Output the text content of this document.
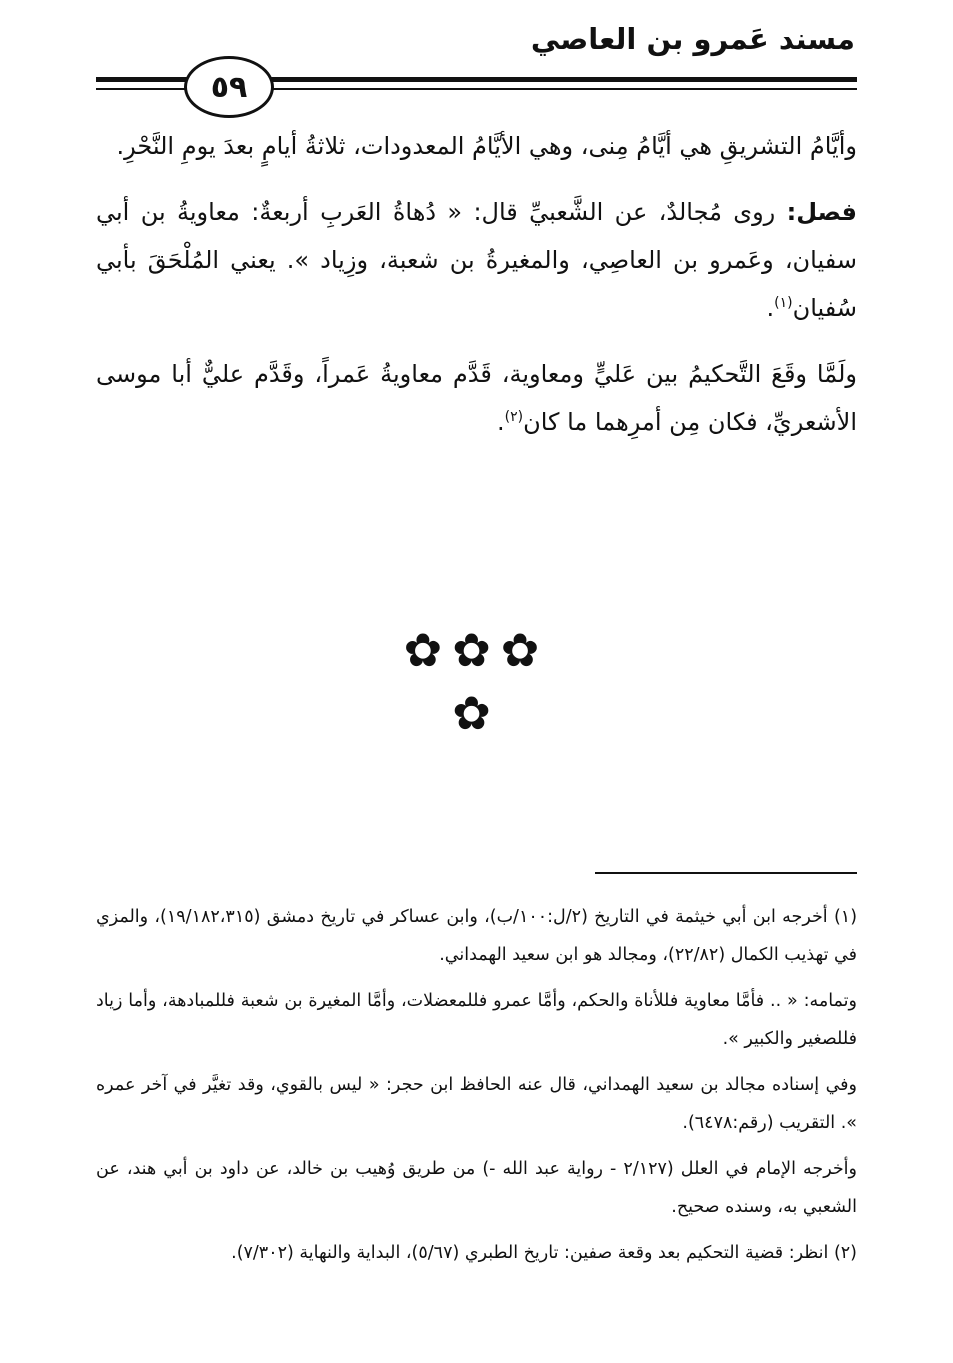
مسند عَمرو بن العاصي
٥٩

وأيَّامُ التشريقِ هي أيَّامُ مِنى، وهي الأيَّامُ المعدودات، ثلاثةُ أيامٍ بعدَ يومِ النَّحْرِ.

فصل: روى مُجالدٌ، عن الشَّعبيِّ قال: « دُهاةُ العَربِ أربعةٌ: معاويةُ بن أبي سفيان، وعَمرو بن العاصِي، والمغيرةُ بن شعبة، وزِياد ». يعني المُلْحَقَ بأبي سُفيان$^{(١)}$.

ولَمَّا وقَعَ التَّحكيمُ بين عَليٍّ ومعاوية، قَدَّم معاويةُ عَمراً، وقَدَّم عليٌّ أبا موسى الأشعريِّ، فكان مِن أمرِهما ما كان$^{(٢)}$.

✿✿✿
✿

(١) أخرجه ابن أبي خيثمة في التاريخ (٢/ل:١٠٠/ب)، وابن عساكر في تاريخ دمشق (١٩/١٨٢،٣١٥)، والمزي في تهذيب الكمال (٢٢/٨٢)، ومجالد هو ابن سعيد الهمداني.

وتمامه: « .. فأمَّا معاوية فللأناة والحكم، وأمَّا عمرو فللمعضلات، وأمَّا المغيرة بن شعبة فللمبادهة، وأما زياد فللصغير والكبير ».

وفي إسناده مجالد بن سعيد الهمداني، قال عنه الحافظ ابن حجر: « ليس بالقوي، وقد تغيَّر في آخر عمره ». التقريب (رقم:٦٤٧٨).

وأخرجه الإمام في العلل (٢/١٢٧ - رواية عبد الله -) من طريق وُهيب بن خالد، عن داود بن أبي هند، عن الشعبي به، وسنده صحيح.

(٢) انظر: قضية التحكيم بعد وقعة صفين: تاريخ الطبري (٥/٦٧)، البداية والنهاية (٧/٣٠٢).
